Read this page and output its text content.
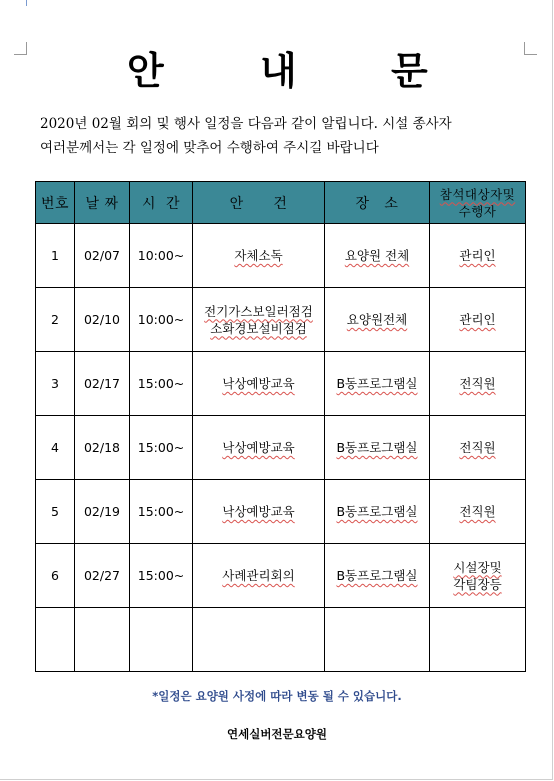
안	내 문
2020년 02월 회의 및 행사 일정을 다음과 같이 알립니다. 시설 종사자
여러분께서는 각 일정에 맞추어 수행하여 주시길 바랍니다
번호	날 짜	시  간	안      건	장   소	참석대상자및
수행자
1	02/07	10:00~	자체소독	요양원 전체	관리인
2	02/10	10:00~	전기가스보일러점검
소화경보설비점검	요양원전체	관리인
3	02/17	15:00~	낙상예방교육	B동프로그램실	전직원
4	02/18	15:00~	낙상예방교육	B동프로그램실	전직원
5	02/19	15:00~	낙상예방교육	B동프로그램실	전직원
6	02/27	15:00~	사례관리회의	B동프로그램실	시설장및
각팀장등

*일정은 요양원 사정에 따라 변동 될 수 있습니다.
연세실버전문요양원
